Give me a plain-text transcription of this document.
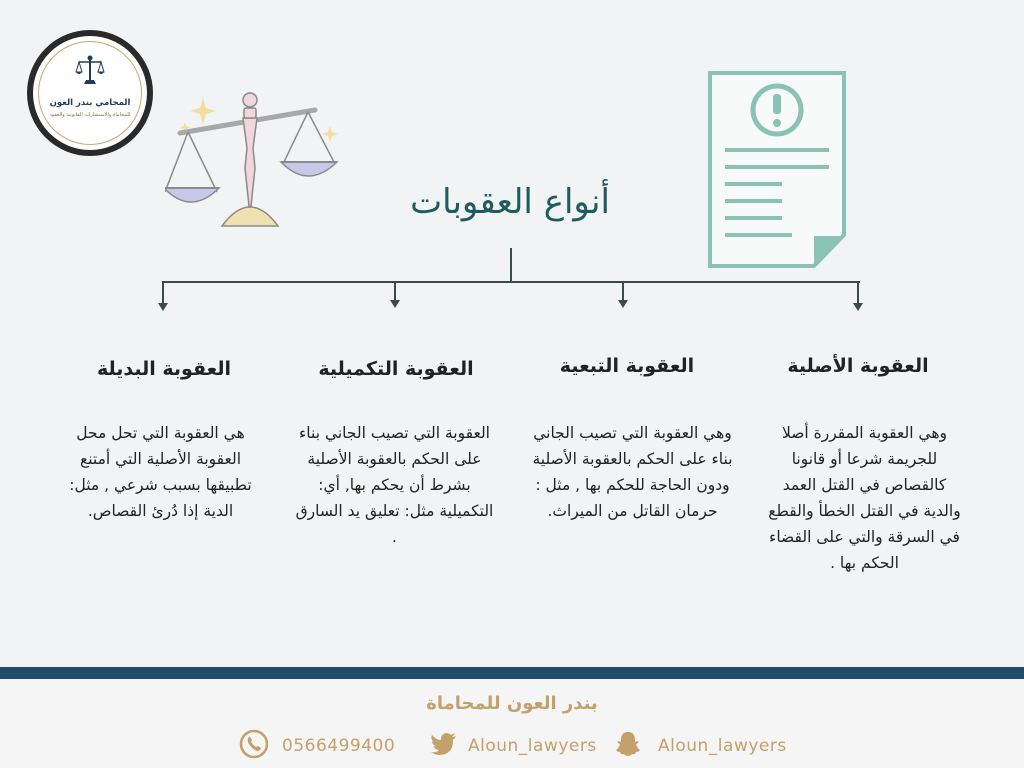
المحامي بندر العون
للمحاماة والاستشارات القانونية والعقود
أنواع العقوبات
العقوبة الأصلية
وهي العقوبة المقررة أصلا للجريمة شرعا أو قانونا كالقصاص في القتل العمد والدية في القتل الخطأ والقطع في السرقة والتي على القضاء الحكم بها .
العقوبة التبعية
وهي العقوبة التي تصيب الجاني بناء على الحكم بالعقوبة الأصلية ودون الحاجة للحكم بها , مثل : حرمان القاتل من الميراث.
العقوبة التكميلية
العقوبة التي تصيب الجاني بناء على الحكم بالعقوبة الأصلية بشرط أن يحكم بها, أي: التكميلية مثل: تعليق يد السارق .
العقوبة البديلة
هي العقوبة التي تحل محل العقوبة الأصلية التي أمتنع تطبيقها بسبب شرعي , مثل: الدية إذا دُرئ القصاص.
بندر العون للمحاماة
0566499400	Aloun_lawyers	Aloun_lawyers
